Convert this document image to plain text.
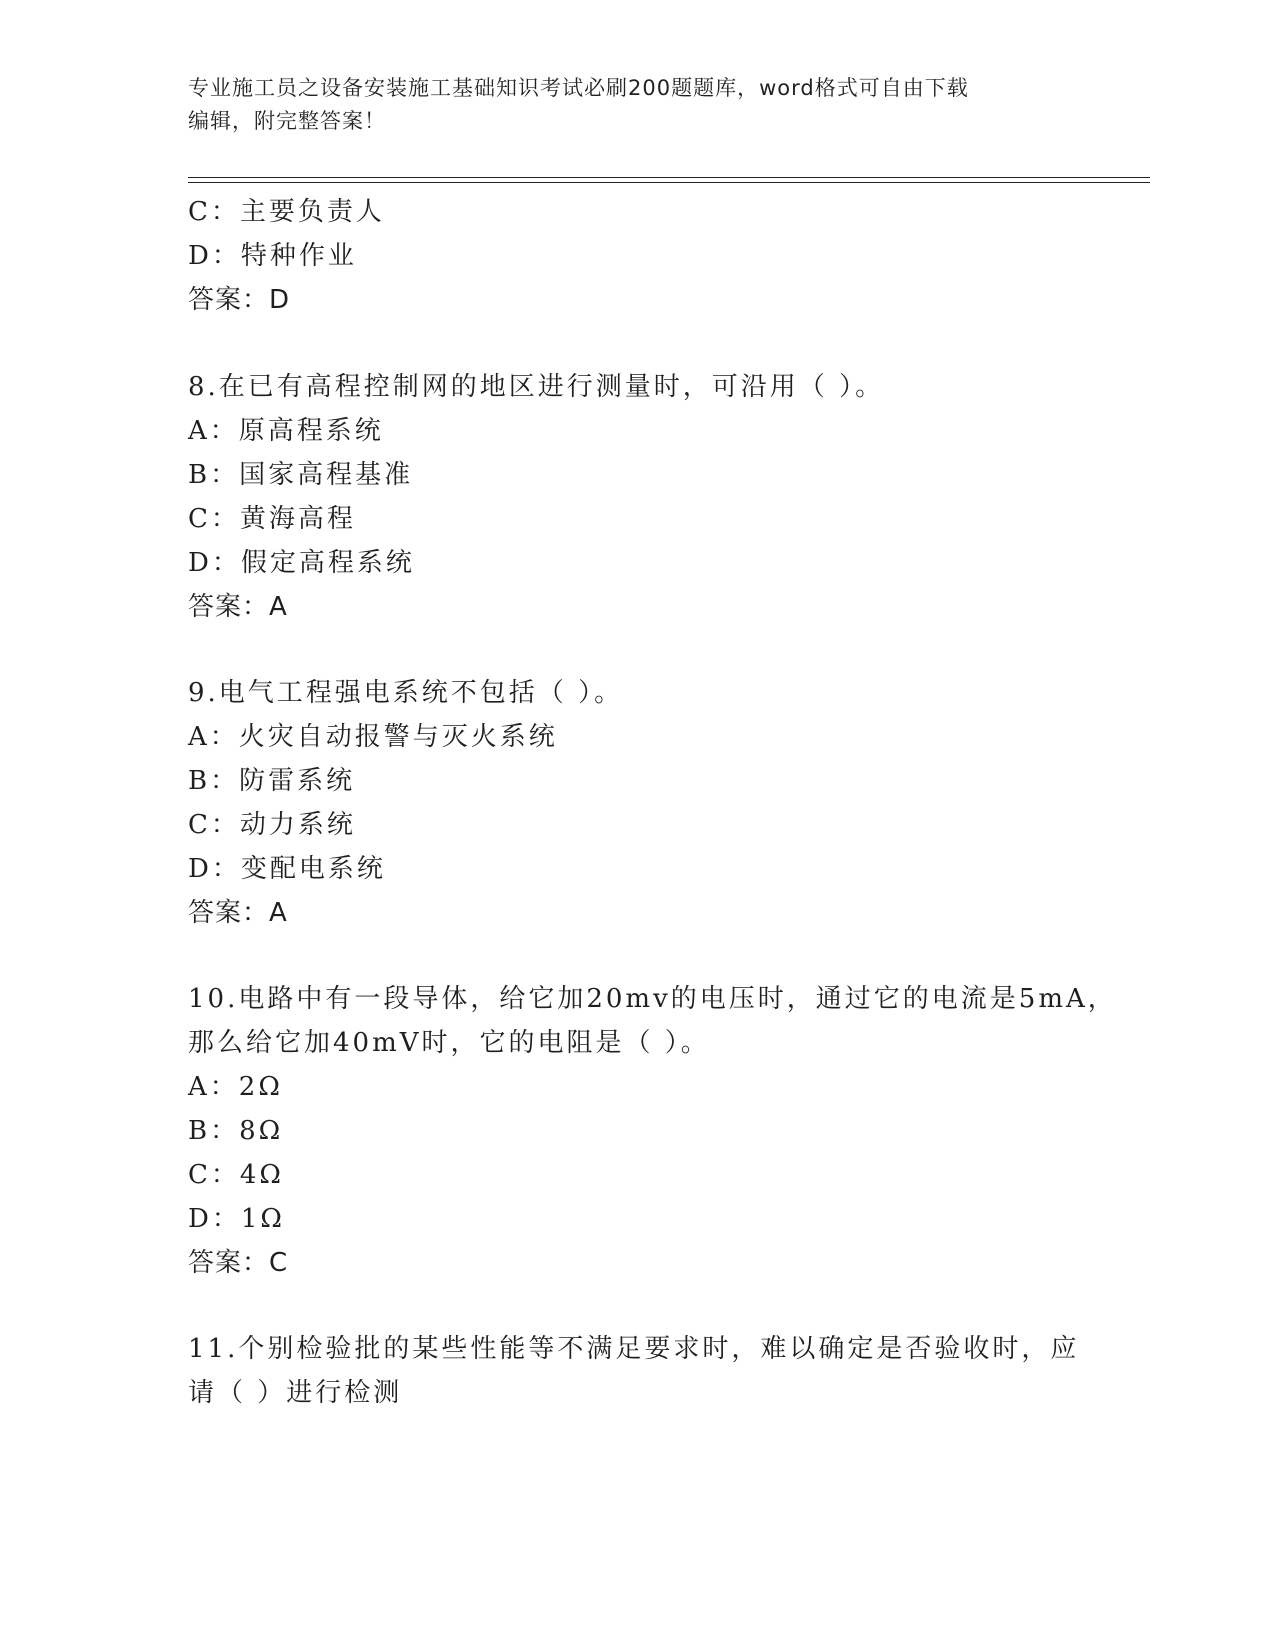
专业施工员之设备安装施工基础知识考试必刷200题题库，word格式可自由下载
编辑，附完整答案！
C：主要负责人
D：特种作业
答案：D
8.在已有高程控制网的地区进行测量时，可沿用（ ）。
A：原高程系统
B：国家高程基准
C：黄海高程
D：假定高程系统
答案：A
9.电气工程强电系统不包括（ ）。
A：火灾自动报警与灭火系统
B：防雷系统
C：动力系统
D：变配电系统
答案：A
10.电路中有一段导体，给它加20mv的电压时，通过它的电流是5mA，
那么给它加40mV时，它的电阻是（ ）。
A：2Ω
B：8Ω
C：4Ω
D：1Ω
答案：C
11.个别检验批的某些性能等不满足要求时，难以确定是否验收时，应
请（ ）进行检测
